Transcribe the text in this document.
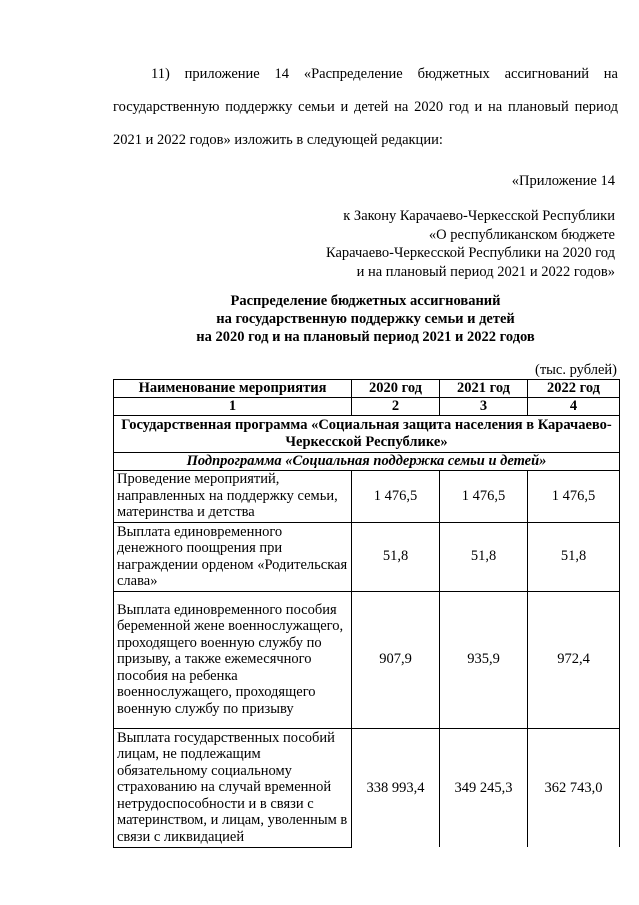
11) приложение 14 «Распределение бюджетных ассигнований на государственную поддержку семьи и детей на 2020 год и на плановый период 2021 и 2022 годов» изложить в следующей редакции:
«Приложение 14
к Закону Карачаево-Черкесской Республики
«О республиканском бюджете
Карачаево-Черкесской Республики на 2020 год
и на плановый период 2021 и 2022 годов»
Распределение бюджетных ассигнований
на государственную поддержку семьи и детей
на 2020 год и на плановый период 2021 и 2022 годов
(тыс. рублей)
Наименование мероприятия	2020 год	2021 год	2022 год
1	2	3	4
Государственная программа «Социальная защита населения в Карачаево-Черкесской Республике»			
Подпрограмма «Социальная поддержка семьи и детей»			
Проведение мероприятий, направленных на поддержку семьи, материнства и детства	1 476,5	1 476,5	1 476,5
Выплата единовременного денежного поощрения при награждении орденом «Родительская слава»	51,8	51,8	51,8
Выплата единовременного пособия беременной жене военнослужащего, проходящего военную службу по призыву, а также ежемесячного пособия на ребенка военнослужащего, проходящего военную службу по призыву	907,9	935,9	972,4
Выплата государственных пособий лицам, не подлежащим обязательному социальному страхованию на случай временной нетрудоспособности и в связи с материнством, и лицам, уволенным в связи с ликвидацией	338 993,4	349 245,3	362 743,0
